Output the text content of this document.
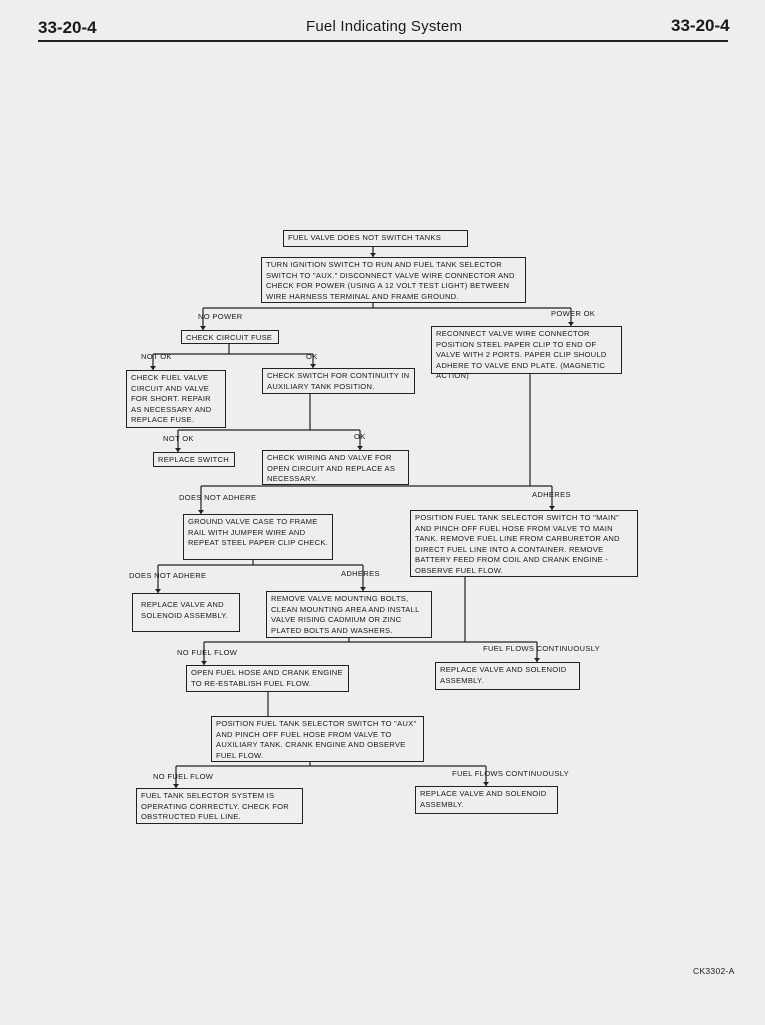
33-20-4	Fuel Indicating System	33-20-4
FUEL VALVE DOES NOT SWITCH TANKS
TURN IGNITION SWITCH TO RUN AND FUEL TANK SELECTOR SWITCH TO "AUX." DISCONNECT VALVE WIRE CONNECTOR AND CHECK FOR POWER (USING A 12 VOLT TEST LIGHT) BETWEEN WIRE HARNESS TERMINAL AND FRAME GROUND.
NO POWER	POWER OK
CHECK CIRCUIT FUSE	RECONNECT VALVE WIRE CONNECTOR POSITION STEEL PAPER CLIP TO END OF VALVE WITH 2 PORTS. PAPER CLIP SHOULD ADHERE TO VALVE END PLATE. (MAGNETIC ACTION)
NOT OK	OK
CHECK FUEL VALVE CIRCUIT AND VALVE FOR SHORT. REPAIR AS NECESSARY AND REPLACE FUSE.
CHECK SWITCH FOR CONTINUITY IN AUXILIARY TANK POSITION.
NOT OK	OK
REPLACE SWITCH	CHECK WIRING AND VALVE FOR OPEN CIRCUIT AND REPLACE AS NECESSARY.
DOES NOT ADHERE	ADHERES
GROUND VALVE CASE TO FRAME RAIL WITH JUMPER WIRE AND REPEAT STEEL PAPER CLIP CHECK.
POSITION FUEL TANK SELECTOR SWITCH TO "MAIN" AND PINCH OFF FUEL HOSE FROM VALVE TO MAIN TANK. REMOVE FUEL LINE FROM CARBURETOR AND DIRECT FUEL LINE INTO A CONTAINER. REMOVE BATTERY FEED FROM COIL AND CRANK ENGINE - OBSERVE FUEL FLOW.
DOES NOT ADHERE	ADHERES
REPLACE VALVE AND SOLENOID ASSEMBLY.
REMOVE VALVE MOUNTING BOLTS, CLEAN MOUNTING AREA AND INSTALL VALVE RISING CADMIUM OR ZINC PLATED BOLTS AND WASHERS.
NO FUEL FLOW	FUEL FLOWS CONTINUOUSLY
OPEN FUEL HOSE AND CRANK ENGINE TO RE-ESTABLISH FUEL FLOW.
REPLACE VALVE AND SOLENOID ASSEMBLY.
POSITION FUEL TANK SELECTOR SWITCH TO "AUX" AND PINCH OFF FUEL HOSE FROM VALVE TO AUXILIARY TANK. CRANK ENGINE AND OBSERVE FUEL FLOW.
NO FUEL FLOW	FUEL FLOWS CONTINUOUSLY
FUEL TANK SELECTOR SYSTEM IS OPERATING CORRECTLY. CHECK FOR OBSTRUCTED FUEL LINE.
REPLACE VALVE AND SOLENOID ASSEMBLY.
CK3302-A
